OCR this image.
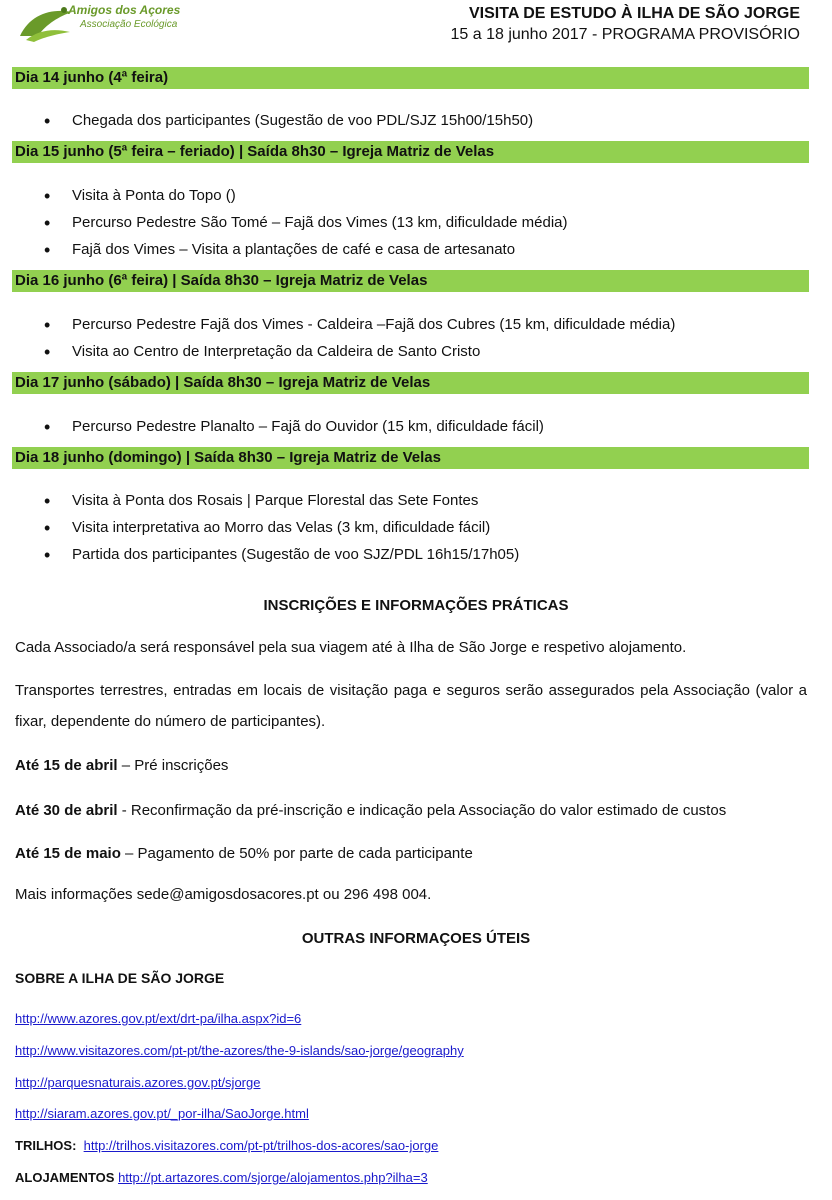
Amigos dos Açores
Associação Ecológica
VISITA DE ESTUDO À ILHA DE SÃO JORGE
15 a 18 junho 2017 - PROGRAMA PROVISÓRIO
Dia 14 junho (4ª feira)
• Chegada dos participantes (Sugestão de voo PDL/SJZ 15h00/15h50)
Dia 15 junho (5ª feira – feriado) | Saída 8h30 – Igreja Matriz de Velas
• Visita à Ponta do Topo ()
• Percurso Pedestre São Tomé – Fajã dos Vimes (13 km, dificuldade média)
• Fajã dos Vimes – Visita a plantações de café e casa de artesanato
Dia 16 junho (6ª feira) | Saída 8h30 – Igreja Matriz de Velas
• Percurso Pedestre Fajã dos Vimes - Caldeira –Fajã dos Cubres (15 km, dificuldade média)
• Visita ao Centro de Interpretação da Caldeira de Santo Cristo
Dia 17 junho (sábado) | Saída 8h30 – Igreja Matriz de Velas
• Percurso Pedestre Planalto – Fajã do Ouvidor (15 km, dificuldade fácil)
Dia 18 junho (domingo) | Saída 8h30 – Igreja Matriz de Velas
• Visita à Ponta dos Rosais | Parque Florestal das Sete Fontes
• Visita interpretativa ao Morro das Velas (3 km, dificuldade fácil)
• Partida dos participantes (Sugestão de voo SJZ/PDL 16h15/17h05)
INSCRIÇÕES E INFORMAÇÕES PRÁTICAS
Cada Associado/a será responsável pela sua viagem até à Ilha de São Jorge e respetivo alojamento.
Transportes terrestres, entradas em locais de visitação paga e seguros serão assegurados pela Associação (valor a fixar, dependente do número de participantes).
Até 15 de abril – Pré inscrições
Até 30 de abril - Reconfirmação da pré-inscrição e indicação pela Associação do valor estimado de custos
Até 15 de maio – Pagamento de 50% por parte de cada participante
Mais informações sede@amigosdosacores.pt ou 296 498 004.
OUTRAS INFORMAÇOES ÚTEIS
SOBRE A ILHA DE SÃO JORGE
http://www.azores.gov.pt/ext/drt-pa/ilha.aspx?id=6
http://www.visitazores.com/pt-pt/the-azores/the-9-islands/sao-jorge/geography
http://parquesnaturais.azores.gov.pt/sjorge
http://siaram.azores.gov.pt/_por-ilha/SaoJorge.html
TRILHOS:  http://trilhos.visitazores.com/pt-pt/trilhos-dos-acores/sao-jorge
ALOJAMENTOS http://pt.artazores.com/sjorge/alojamentos.php?ilha=3
